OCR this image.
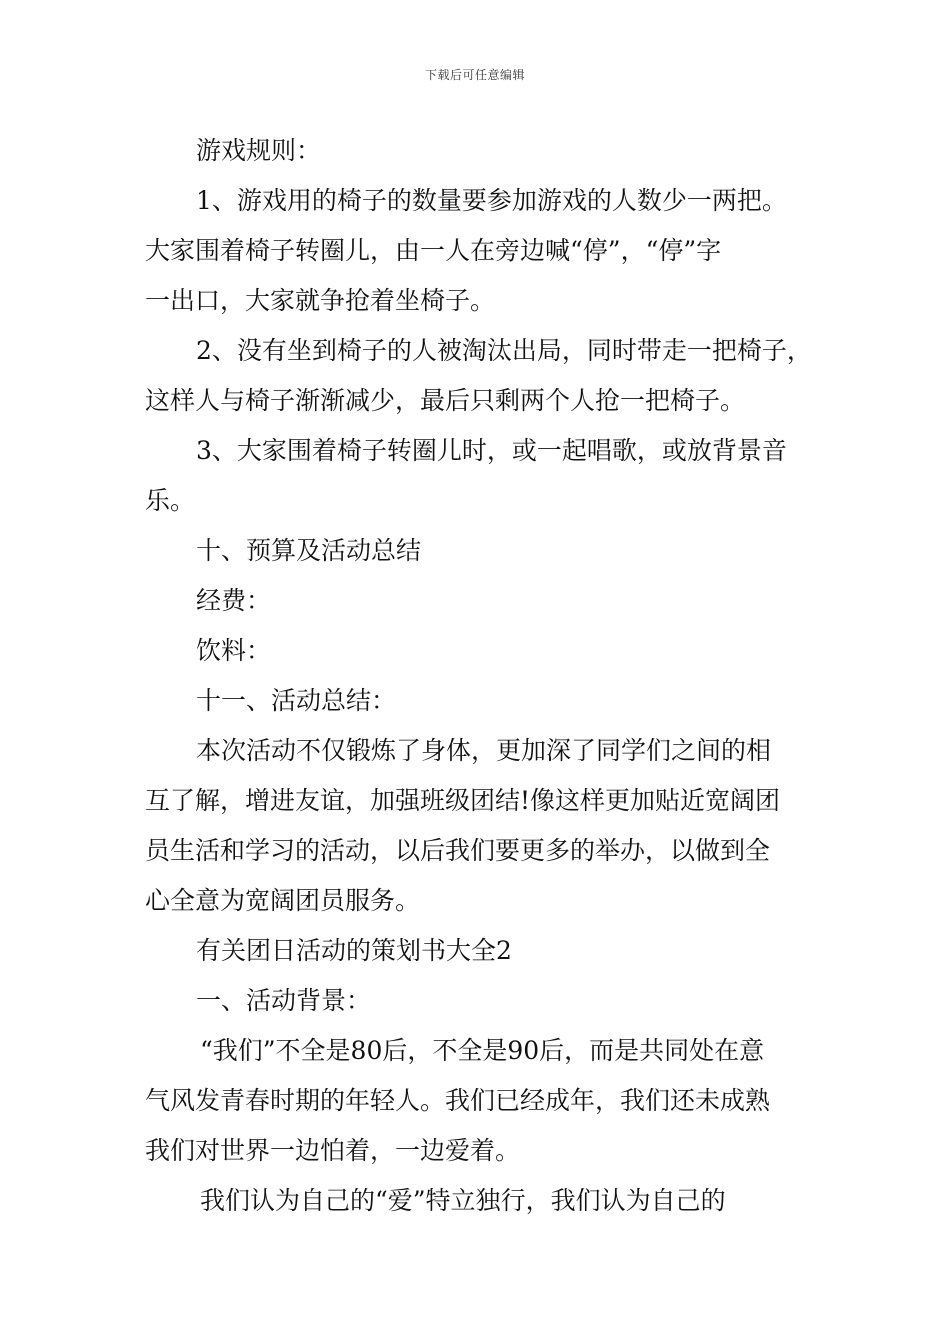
下载后可任意编辑
游戏规则：
1、游戏用的椅子的数量要参加游戏的人数少一两把。
大家围着椅子转圈儿，由一人在旁边喊“停”，“停”字
一出口，大家就争抢着坐椅子。
2、没有坐到椅子的人被淘汰出局，同时带走一把椅子，
这样人与椅子渐渐减少，最后只剩两个人抢一把椅子。
3、大家围着椅子转圈儿时，或一起唱歌，或放背景音
乐。
十、预算及活动总结
经费：
饮料：
十一、活动总结：
本次活动不仅锻炼了身体，更加深了同学们之间的相
互了解，增进友谊，加强班级团结!像这样更加贴近宽阔团
员生活和学习的活动，以后我们要更多的举办，以做到全
心全意为宽阔团员服务。
有关团日活动的策划书大全2
一、活动背景：
“我们”不全是80后，不全是90后，而是共同处在意
气风发青春时期的年轻人。我们已经成年，我们还未成熟
我们对世界一边怕着，一边爱着。
我们认为自己的“爱”特立独行，我们认为自己的
